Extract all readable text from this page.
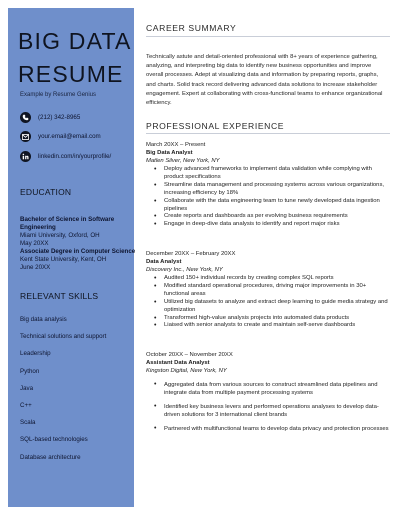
BIG DATA
RESUME
Example by Resume Genius
(212) 342-8965
your.email@email.com
linkedin.com/in/yourprofile/
EDUCATION
Bachelor of Science in Software Engineering
Miami University, Oxford, OH
May 20XX
Associate Degree in Computer Science
Kent State University, Kent, OH
June 20XX
RELEVANT SKILLS
Big data analysis
Technical solutions and support
Leadership
Python
Java
C++
Scala
SQL-based technologies
Database architecture
CAREER SUMMARY
Technically astute and detail-oriented professional with 8+ years of experience gathering, analyzing, and interpreting big data to identify new business opportunities and improve overall processes. Adept at visualizing data and information by preparing reports, graphs, and charts. Solid track record delivering advanced data solutions to increase stakeholder engagement. Expert at collaborating with cross-functional teams to enhance organizational efficiency.
PROFESSIONAL EXPERIENCE
March 20XX – Present
Big Data Analyst
Matlen Silver, New York, NY
• Deploy advanced frameworks to implement data validation while complying with product specifications
• Streamline data management and processing systems across various organizations, increasing efficiency by 18%
• Collaborate with the data engineering team to tune newly developed data ingestion pipelines
• Create reports and dashboards as per evolving business requirements
• Engage in deep-dive data analysis to identify and report major risks
December 20XX – February 20XX
Data Analyst
Discovery Inc., New York, NY
• Audited 150+ individual records by creating complex SQL reports
• Modified standard operational procedures, driving major improvements in 30+ functional areas
• Utilized big datasets to analyze and extract deep learning to guide media strategy and optimization
• Transformed high-value analysis projects into automated data products
• Liaised with senior analysts to create and maintain self-serve dashboards
October 20XX – November 20XX
Assistant Data Analyst
Kingston Digital, New York, NY
• Aggregated data from various sources to construct streamlined data pipelines and integrate data from multiple payment processing systems
• Identified key business levers and performed operations analyses to develop data-driven solutions for 3 international client brands
• Partnered with multifunctional teams to develop data privacy and protection processes
